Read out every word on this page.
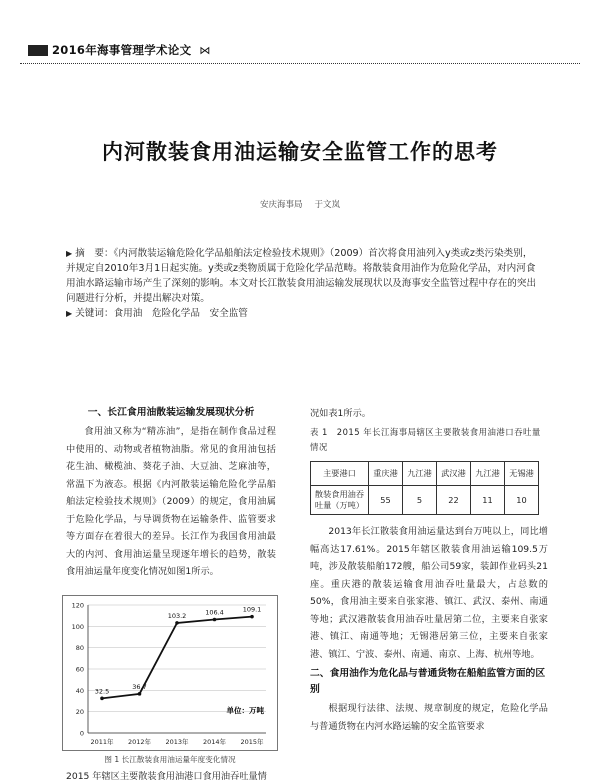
2016年海事管理学术论文 ⋈
内河散装食用油运输安全监管工作的思考
安庆海事局 于文岚

▶ 摘　要：《内河散装运输危险化学品船舶法定检验技术规则》（2009）首次将食用油列入y类或z类污染类别，并规定自2010年3月1日起实施。y类或z类物质属于危险化学品范畴。将散装食用油作为危险化学品，对内河食用油水路运输市场产生了深刻的影响。本文对长江散装食用油运输发展现状以及海事安全监管过程中存在的突出问题进行分析，并提出解决对策。

▶ 关键词：食用油　危险化学品　安全监管

一、长江食用油散装运输发展现状分析
食用油又称为“精冻油”，是指在制作食品过程中使用的、动物或者植物油脂。常见的食用油包括花生油、橄榄油、葵花子油、大豆油、芝麻油等，常温下为液态。根据《内河散装运输危险化学品船舶法定检验技术规则》（2009）的规定，食用油属于危险化学品，与导调货物在运输条件、监管要求等方面存在着很大的差异。长江作为我国食用油最大的内河、食用油运量呈现逐年增长的趋势，散装食用油运量年度变化情况如图1所示。
0
20
40
60
80
100
120
2011年 2012年 2013年 2014年 2015年
32.5
36.7
103.2	106.4	109.1
单位：万吨
图 1 长江散装食用油运量年度变化情况
2015 年辖区主要散装食用油港口食用油吞吐量情
况如表1所示。
表 1　2015 年长江海事局辖区主要散装食用油港口吞吐量情况
主要港口	重庆港	九江港	武汉港	九江港	无锡港
散装食用油吞吐量（万吨）	55	5	22	11	10
2013年长江散装食用油运量达到台万吨以上，同比增幅高达17.61%。2015年辖区散装食用油运输109.5万吨，涉及散装船舶172艘，船公司59家，装卸作业码头21座。重庆港的散装运输食用油吞吐量最大，占总数的50%，食用油主要来自张家港、镇江、武汉、泰州、南通等地；武汉港散装食用油吞吐量居第二位，主要来自张家港、镇江、南通等地；无锡港居第三位，主要来自张家港、镇江、宁波、泰州、南通、南京、上海、杭州等地。
二、食用油作为危化品与普通货物在船舶监管方面的区别
根据现行法律、法规、规章制度的规定，危险化学品与普通货物在内河水路运输的安全监管要求
